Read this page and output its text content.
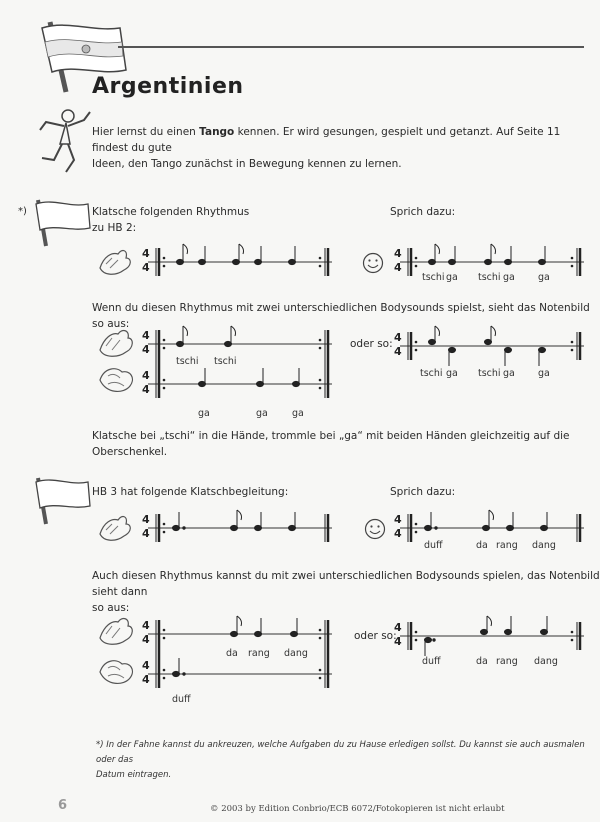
Argentinien
Hier lernst du einen Tango kennen. Er wird gesungen, gespielt und getanzt. Auf Seite 11 findest du gute
Ideen, den Tango zunächst in Bewegung kennen zu lernen.
*)	Klatsche folgenden Rhythmus
zu HB 2:
Sprich dazu:
4
4
4
4
tschi ga tschi ga ga
Wenn du diesen Rhythmus mit zwei unterschiedlichen Bodysounds spielst, sieht das Notenbild so aus:
4
4
4
4
tschi tschi
ga	ga	ga
oder so: 4
4
tschi ga tschi ga ga
Klatsche bei „tschi“ in die Hände, trommle bei „ga“ mit beiden Händen gleichzeitig auf die Oberschenkel.
HB 3 hat folgende Klatschbegleitung:	Sprich dazu:
4
4
4
4
duff	da rang dang
Auch diesen Rhythmus kannst du mit zwei unterschiedlichen Bodysounds spielen, das Notenbild sieht dann
so aus:
4
4
4
4
da rang dang
duff
oder so:
4
4
duff	da rang dang
*) In der Fahne kannst du ankreuzen, welche Aufgaben du zu Hause erledigen sollst. Du kannst sie auch ausmalen oder das
Datum eintragen.
6	© 2003 by Edition Conbrio/ECB 6072/Fotokopieren ist nicht erlaubt
